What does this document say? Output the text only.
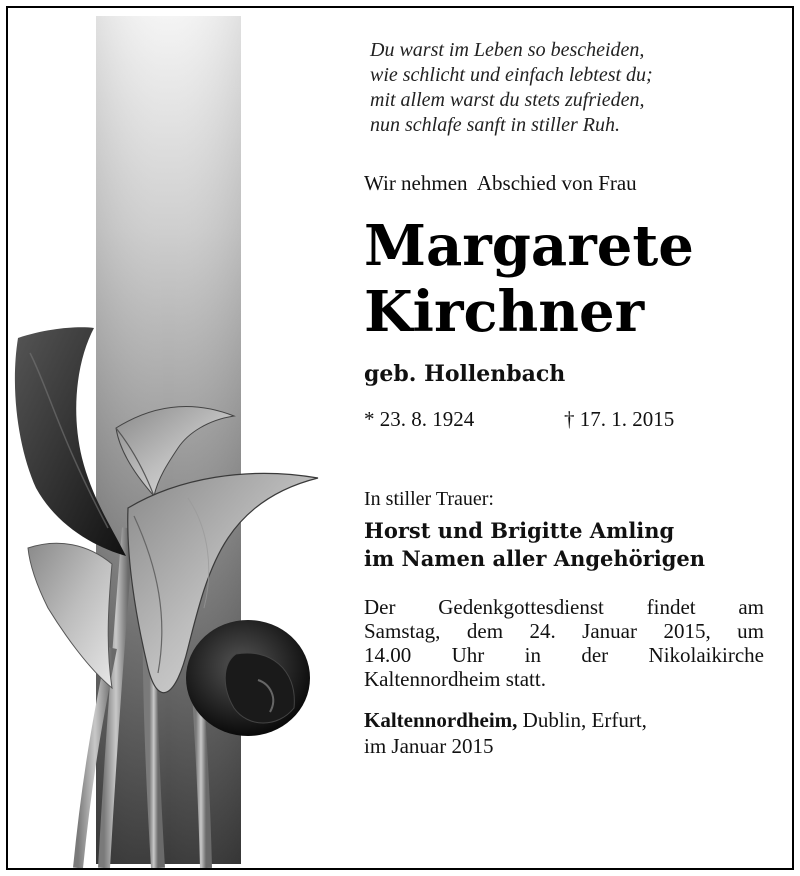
Du warst im Leben so bescheiden,
wie schlicht und einfach lebtest du;
mit allem warst du stets zufrieden,
nun schlafe sanft in stiller Ruh.
Wir nehmen  Abschied von Frau
Margarete
Kirchner
geb. Hollenbach
* 23. 8. 1924	† 17. 1. 2015
In stiller Trauer:
Horst und Brigitte Amling
im Namen aller Angehörigen
Der Gedenkgottesdienst findet am
Samstag, dem 24. Januar 2015, um
14.00 Uhr in der Nikolaikirche
Kaltennordheim statt.
Kaltennordheim, Dublin, Erfurt,
im Januar 2015
